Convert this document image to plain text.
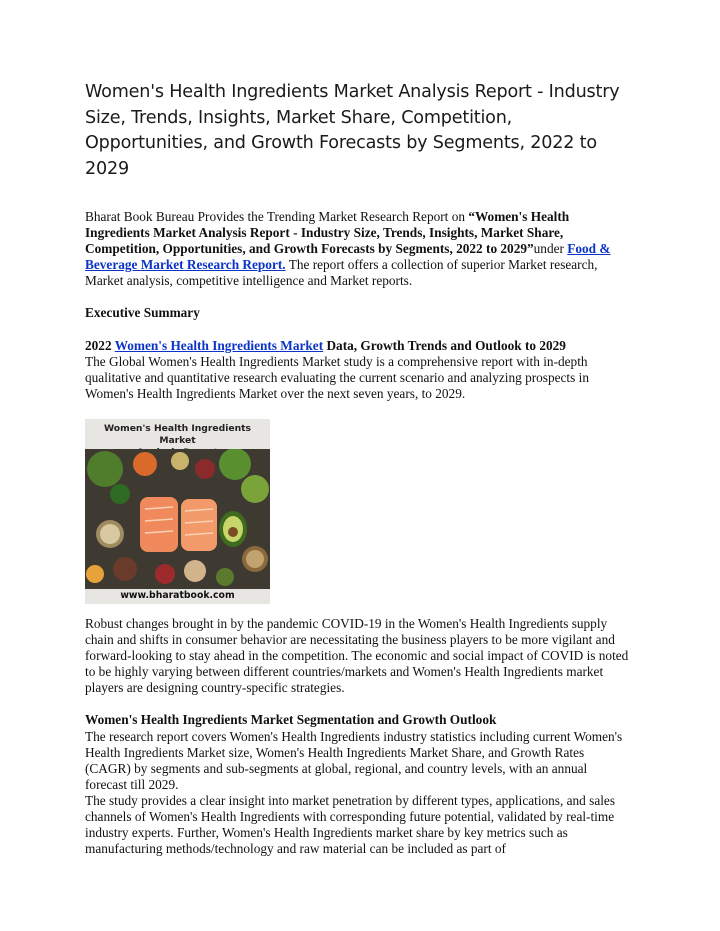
Women's Health Ingredients Market Analysis Report - Industry Size, Trends, Insights, Market Share, Competition, Opportunities, and Growth Forecasts by Segments, 2022 to 2029

Bharat Book Bureau Provides the Trending Market Research Report on “Women's Health Ingredients Market Analysis Report - Industry Size, Trends, Insights, Market Share, Competition, Opportunities, and Growth Forecasts by Segments, 2022 to 2029”under Food & Beverage Market Research Report. The report offers a collection of superior Market research, Market analysis, competitive intelligence and Market reports.

Executive Summary

2022 Women's Health Ingredients Market Data, Growth Trends and Outlook to 2029

The Global Women's Health Ingredients Market study is a comprehensive report with in-depth qualitative and quantitative research evaluating the current scenario and analyzing prospects in Women's Health Ingredients Market over the next seven years, to 2029.

Women's Health Ingredients Market
www.bharatbook.com

Robust changes brought in by the pandemic COVID-19 in the Women's Health Ingredients supply chain and shifts in consumer behavior are necessitating the business players to be more vigilant and forward-looking to stay ahead in the competition. The economic and social impact of COVID is noted to be highly varying between different countries/markets and Women's Health Ingredients market players are designing country-specific strategies.

Women's Health Ingredients Market Segmentation and Growth Outlook

The research report covers Women's Health Ingredients industry statistics including current Women's Health Ingredients Market size, Women's Health Ingredients Market Share, and Growth Rates (CAGR) by segments and sub-segments at global, regional, and country levels, with an annual forecast till 2029.

The study provides a clear insight into market penetration by different types, applications, and sales channels of Women's Health Ingredients with corresponding future potential, validated by real-time industry experts. Further, Women's Health Ingredients market share by key metrics such as manufacturing methods/technology and raw material can be included as part of
